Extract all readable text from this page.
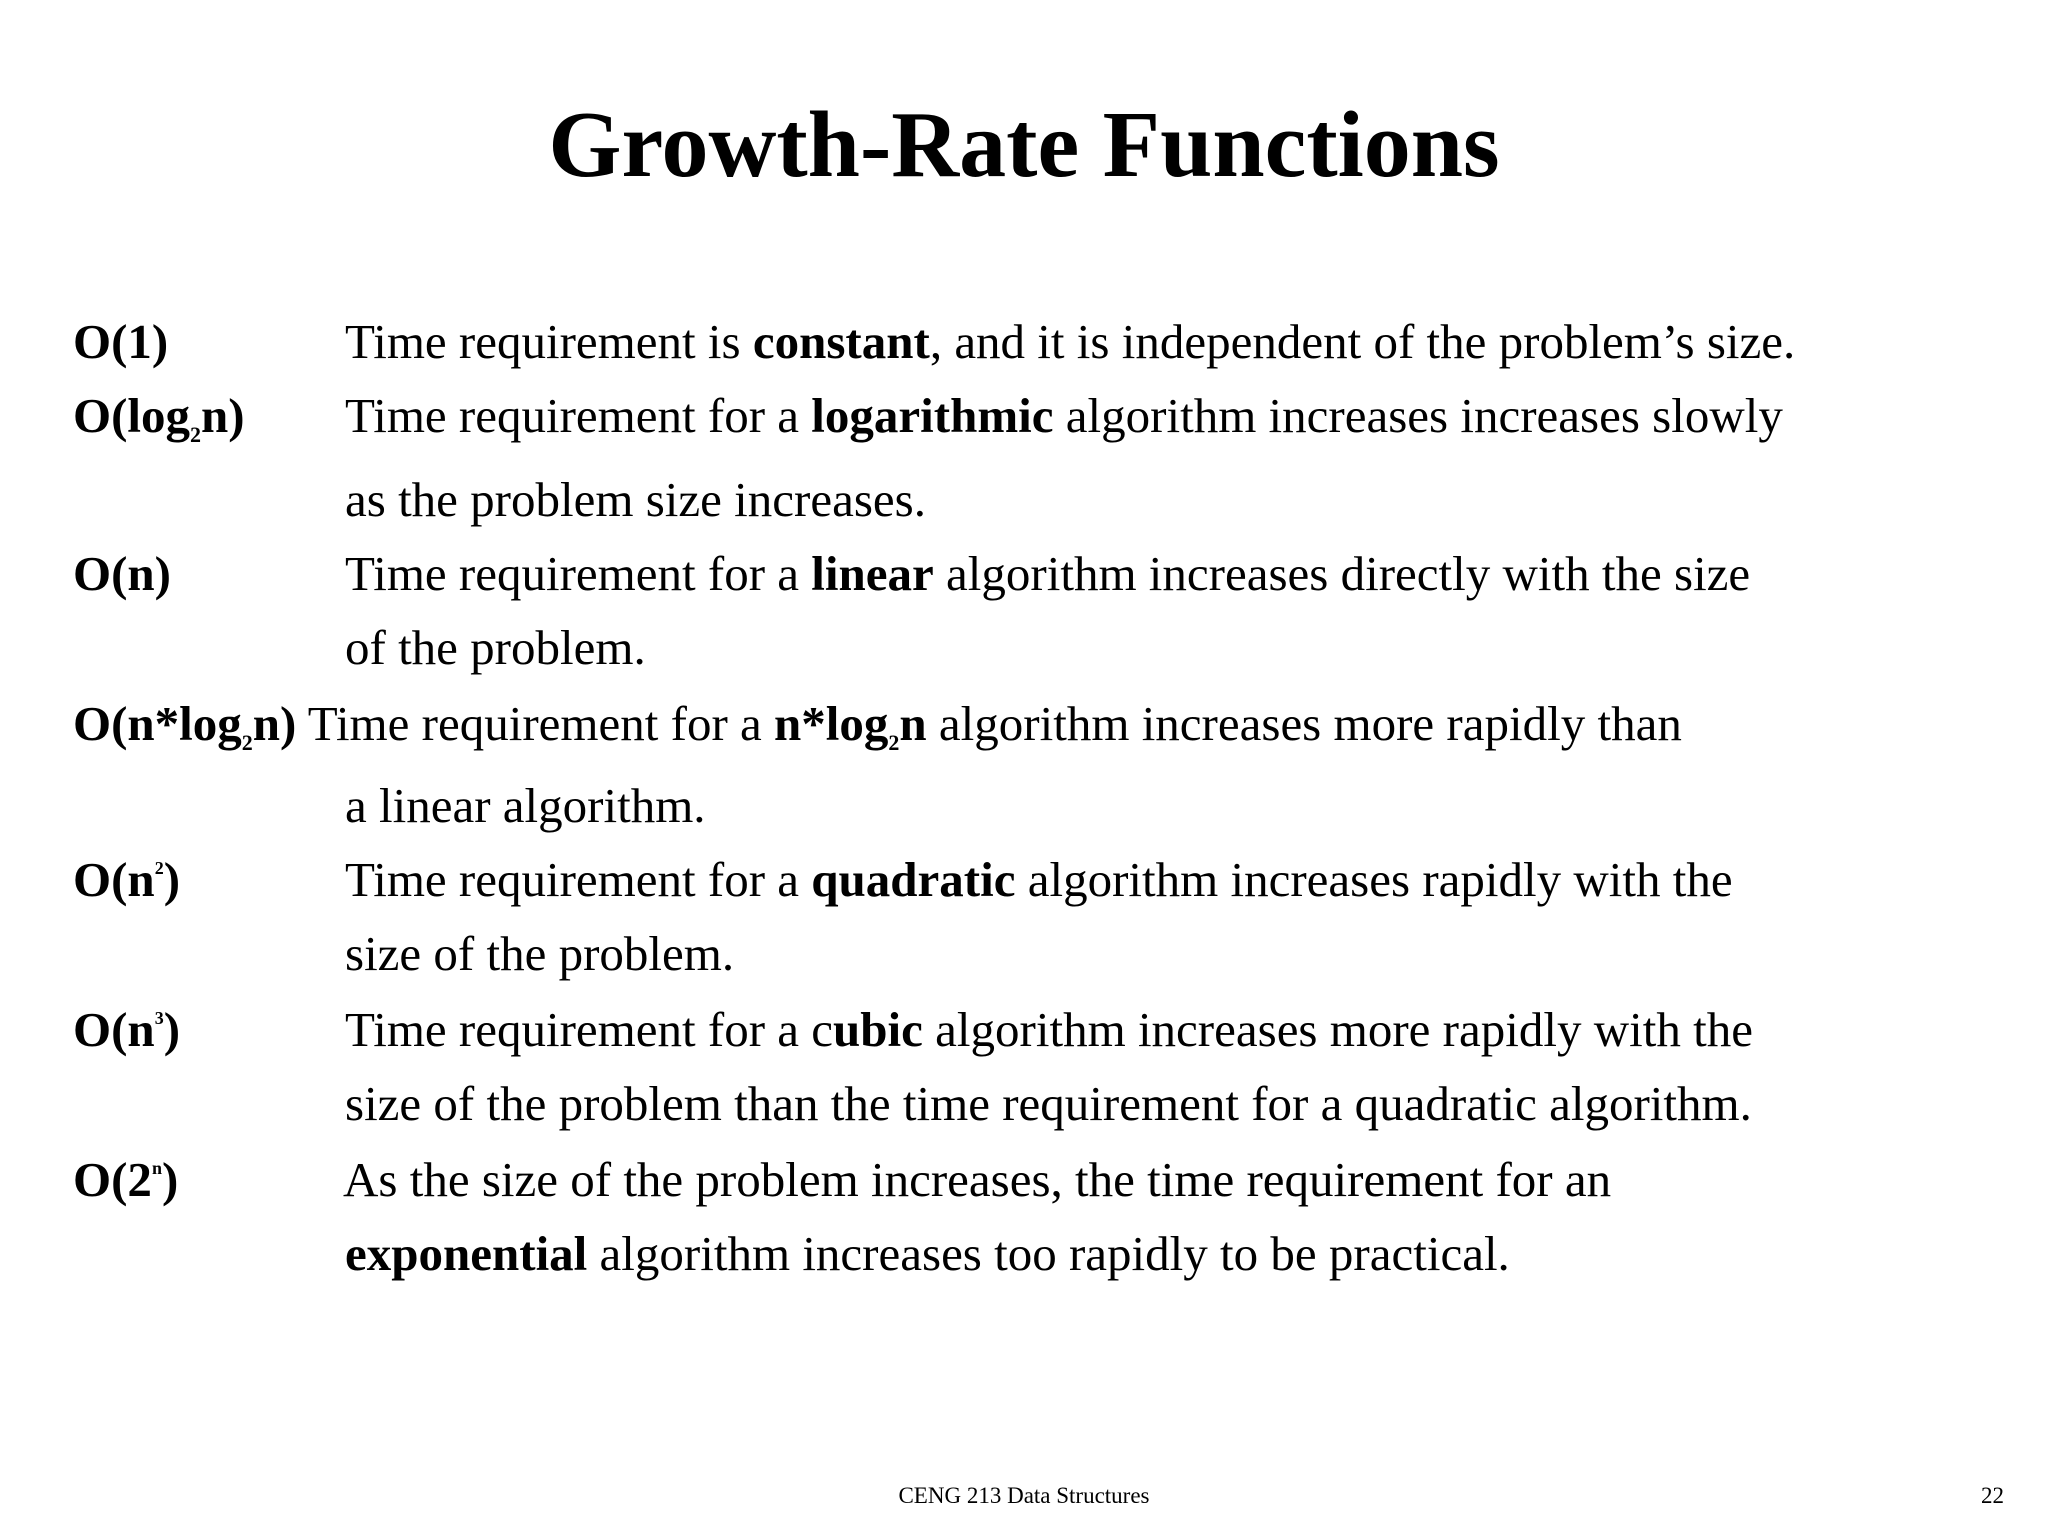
Growth-Rate Functions
O(1)	Time requirement is constant, and it is independent of the problem’s size.
$O(\log_2n)$ Time requirement for a logarithmic algorithm increases increases slowly
as the problem size increases.
O(n)	Time requirement for a linear algorithm increases directly with the size
of the problem.
$O(n*\log_2n)$ Time requirement for a $n*\log_2n$ algorithm increases more rapidly than
a linear algorithm.
$O(n^2)$	Time requirement for a quadratic algorithm increases rapidly with the
size of the problem.
$O(n^3)$	Time requirement for a cubic algorithm increases more rapidly with the
size of the problem than the time requirement for a quadratic algorithm.
O(2$^n$)	As the size of the problem increases, the time requirement for an
exponential algorithm increases too rapidly to be practical.
CENG 213 Data Structures	22
